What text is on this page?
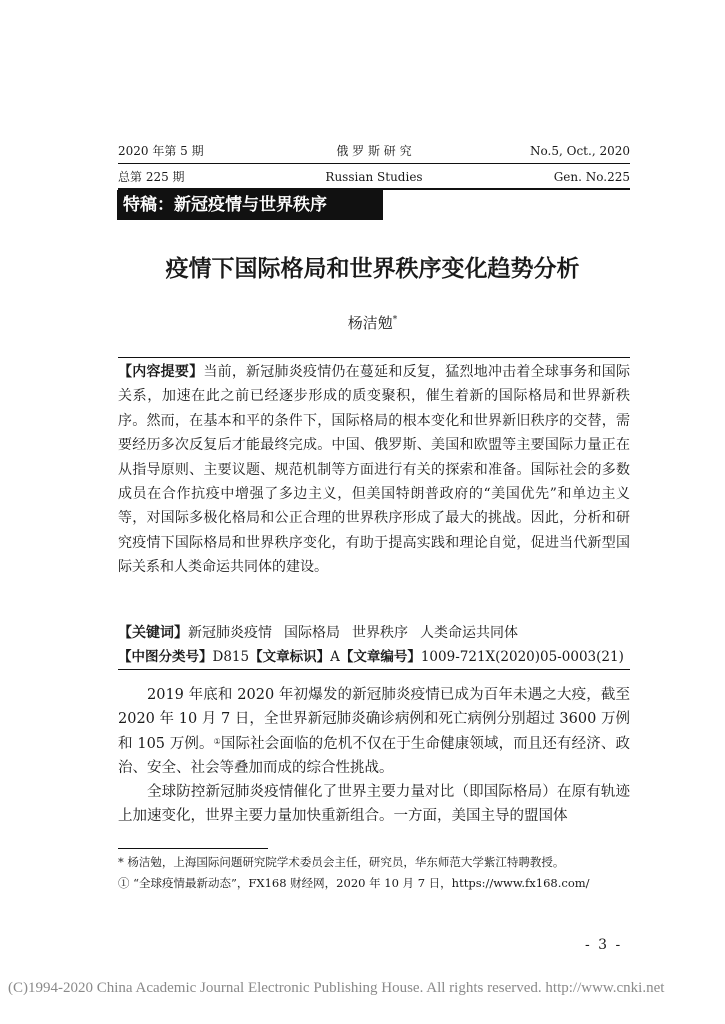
2020 年第 5 期	俄 罗 斯 研 究	No.5, Oct., 2020
总第 225 期	Russian Studies	Gen. No.225
特稿：新冠疫情与世界秩序
疫情下国际格局和世界秩序变化趋势分析
杨洁勉*
【内容提要】当前，新冠肺炎疫情仍在蔓延和反复，猛烈地冲击着全球事务和国际关系，加速在此之前已经逐步形成的质变聚积，催生着新的国际格局和世界新秩序。然而，在基本和平的条件下，国际格局的根本变化和世界新旧秩序的交替，需要经历多次反复后才能最终完成。中国、俄罗斯、美国和欧盟等主要国际力量正在从指导原则、主要议题、规范机制等方面进行有关的探索和准备。国际社会的多数成员在合作抗疫中增强了多边主义，但美国特朗普政府的“美国优先”和单边主义等，对国际多极化格局和公正合理的世界秩序形成了最大的挑战。因此，分析和研究疫情下国际格局和世界秩序变化，有助于提高实践和理论自觉，促进当代新型国际关系和人类命运共同体的建设。
【关键词】新冠肺炎疫情 国际格局 世界秩序 人类命运共同体
【中图分类号】D815【文章标识】A【文章编号】1009-721X(2020)05-0003(21)

2019 年底和 2020 年初爆发的新冠肺炎疫情已成为百年未遇之大疫，截至 2020 年 10 月 7 日，全世界新冠肺炎确诊病例和死亡病例分别超过 3600 万例和 105 万例。①国际社会面临的危机不仅在于生命健康领域，而且还有经济、政治、安全、社会等叠加而成的综合性挑战。

全球防控新冠肺炎疫情催化了世界主要力量对比（即国际格局）在原有轨迹上加速变化，世界主要力量加快重新组合。一方面，美国主导的盟国体

* 杨洁勉，上海国际问题研究院学术委员会主任，研究员，华东师范大学紫江特聘教授。
① “全球疫情最新动态”，FX168 财经网，2020 年 10 月 7 日，https://www.fx168.com/
- 3 -
(C)1994-2020 China Academic Journal Electronic Publishing House. All rights reserved. http://www.cnki.net
